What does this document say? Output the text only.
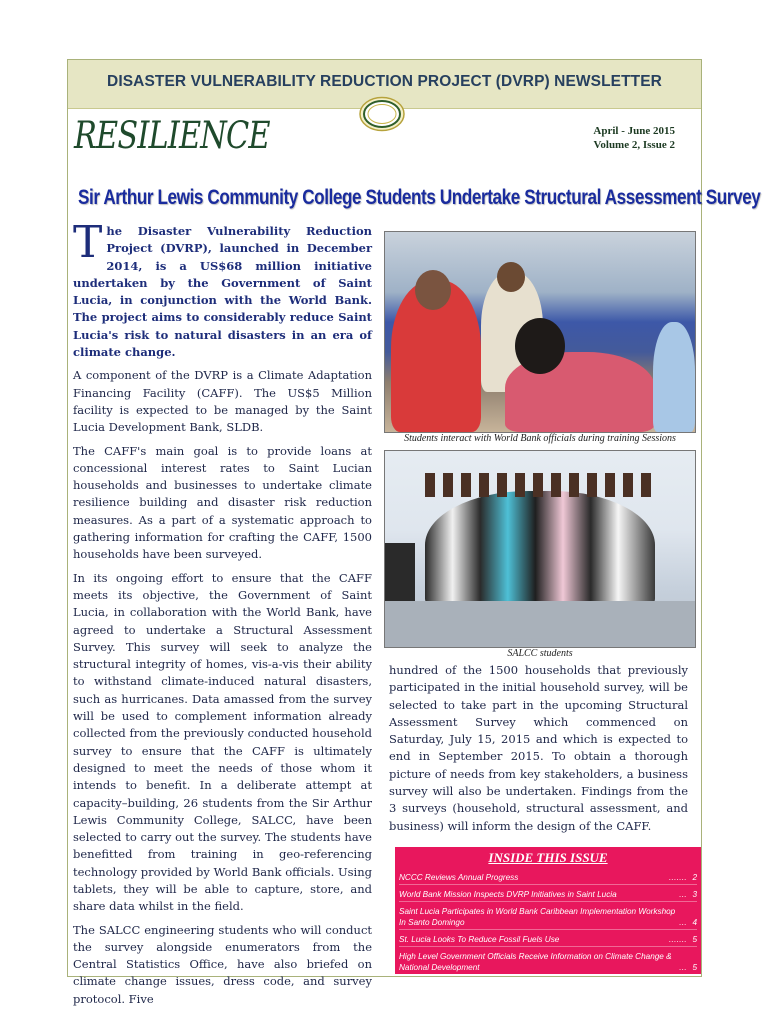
DISASTER VULNERABILITY REDUCTION PROJECT (DVRP) NEWSLETTER
RESILIENCE	April - June 2015
Volume 2, Issue 2
Sir Arthur Lewis Community College Students Undertake Structural Assessment Survey

The Disaster Vulnerability Reduction Project (DVRP), launched in December 2014, is a US$68 million initiative undertaken by the Government of Saint Lucia, in conjunction with the World Bank. The project aims to considerably reduce Saint Lucia's risk to natural disasters in an era of climate change.

A component of the DVRP is a Climate Adaptation Financing Facility (CAFF). The US$5 Million facility is expected to be managed by the Saint Lucia Development Bank, SLDB.

The CAFF's main goal is to provide loans at concessional interest rates to Saint Lucian households and businesses to undertake climate resilience building and disaster risk reduction measures. As a part of a systematic approach to gathering information for crafting the CAFF, 1500 households have been surveyed.

In its ongoing effort to ensure that the CAFF meets its objective, the Government of Saint Lucia, in collaboration with the World Bank, have agreed to undertake a Structural Assessment Survey. This survey will seek to analyze the structural integrity of homes, vis-a-vis their ability to withstand climate-induced natural disasters, such as hurricanes. Data amassed from the survey will be used to complement information already collected from the previously conducted household survey to ensure that the CAFF is ultimately designed to meet the needs of those whom it intends to benefit. In a deliberate attempt at capacity–building, 26 students from the Sir Arthur Lewis Community College, SALCC, have been selected to carry out the survey. The students have benefitted from training in geo-referencing technology provided by World Bank officials. Using tablets, they will be able to capture, store, and share data whilst in the field.

The SALCC engineering students who will conduct the survey alongside enumerators from the Central Statistics Office, have also briefed on climate change issues, dress code, and survey protocol. Five

Students interact with World Bank officials during training Sessions
SALCC students

hundred of the 1500 households that previously participated in the initial household survey, will be selected to take part in the upcoming Structural Assessment Survey which commenced on Saturday, July 15, 2015 and which is expected to end in September 2015. To obtain a thorough picture of needs from key stakeholders, a business survey will also be undertaken. Findings from the 3 surveys (household, structural assessment, and business) will inform the design of the CAFF.

INSIDE THIS ISSUE
NCCC Reviews Annual Progress	....... 2
World Bank Mission Inspects DVRP Initiatives in Saint Lucia	... 3
Saint Lucia Participates in World Bank Caribbean Implementation Workshop In Santo Domingo	... 4
St. Lucia Looks To Reduce Fossil Fuels Use	....... 5
High Level Government Officials Receive Information on Climate Change & National Development	... 5
